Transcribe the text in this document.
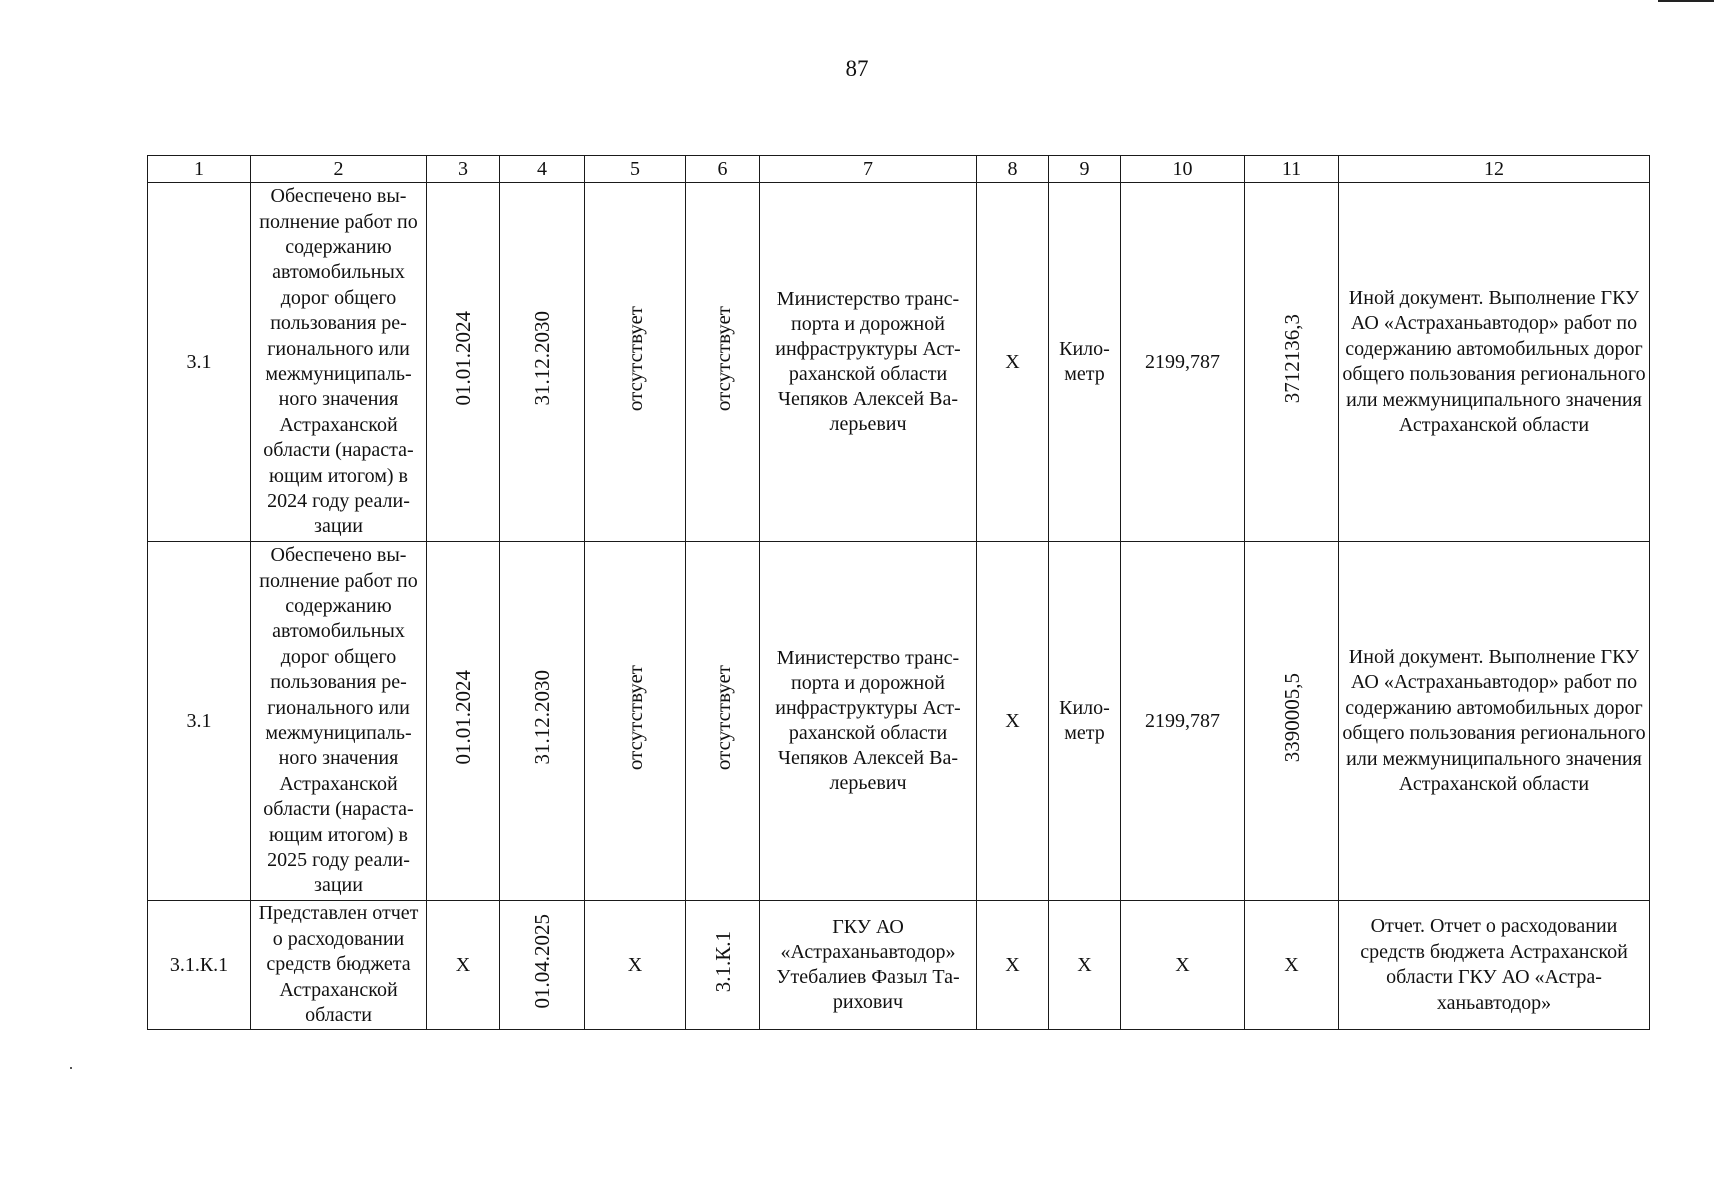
87
1	2	3	4	5	6	7	8	9	10	11	12
3.1	Обеспечено выполнение работ по содержанию автомобильных дорог общего пользования регионального или межмуниципального значения Астраханской области (нарастающим итогом) в 2024 году реализации	01.01.2024	31.12.2030	отсутствует	отсутствует	Министерство транспорта и дорожной инфраструктуры Астраханской области Чепяков Алексей Валерьевич	Х	Километр	2199,787	3712136,3	Иной документ. Выполнение ГКУ АО «Астраханьавтодор» работ по содержанию автомобильных дорог общего пользования регионального или межмуниципального значения Астраханской области
3.1	Обеспечено выполнение работ по содержанию автомобильных дорог общего пользования регионального или межмуниципального значения Астраханской области (нарастающим итогом) в 2025 году реализации	01.01.2024	31.12.2030	отсутствует	отсутствует	Министерство транспорта и дорожной инфраструктуры Астраханской области Чепяков Алексей Валерьевич	Х	Километр	2199,787	3390005,5	Иной документ. Выполнение ГКУ АО «Астраханьавтодор» работ по содержанию автомобильных дорог общего пользования регионального или межмуниципального значения Астраханской области
3.1.К.1	Представлен отчет о расходовании средств бюджета Астраханской области	Х	01.04.2025	Х	3.1.К.1	ГКУ АО «Астраханьавтодор» Утебалиев Фазыл Тарихович	Х	Х	Х	Х	Отчет. Отчет о расходовании средств бюджета Астраханской области ГКУ АО «Астраханьавтодор»
